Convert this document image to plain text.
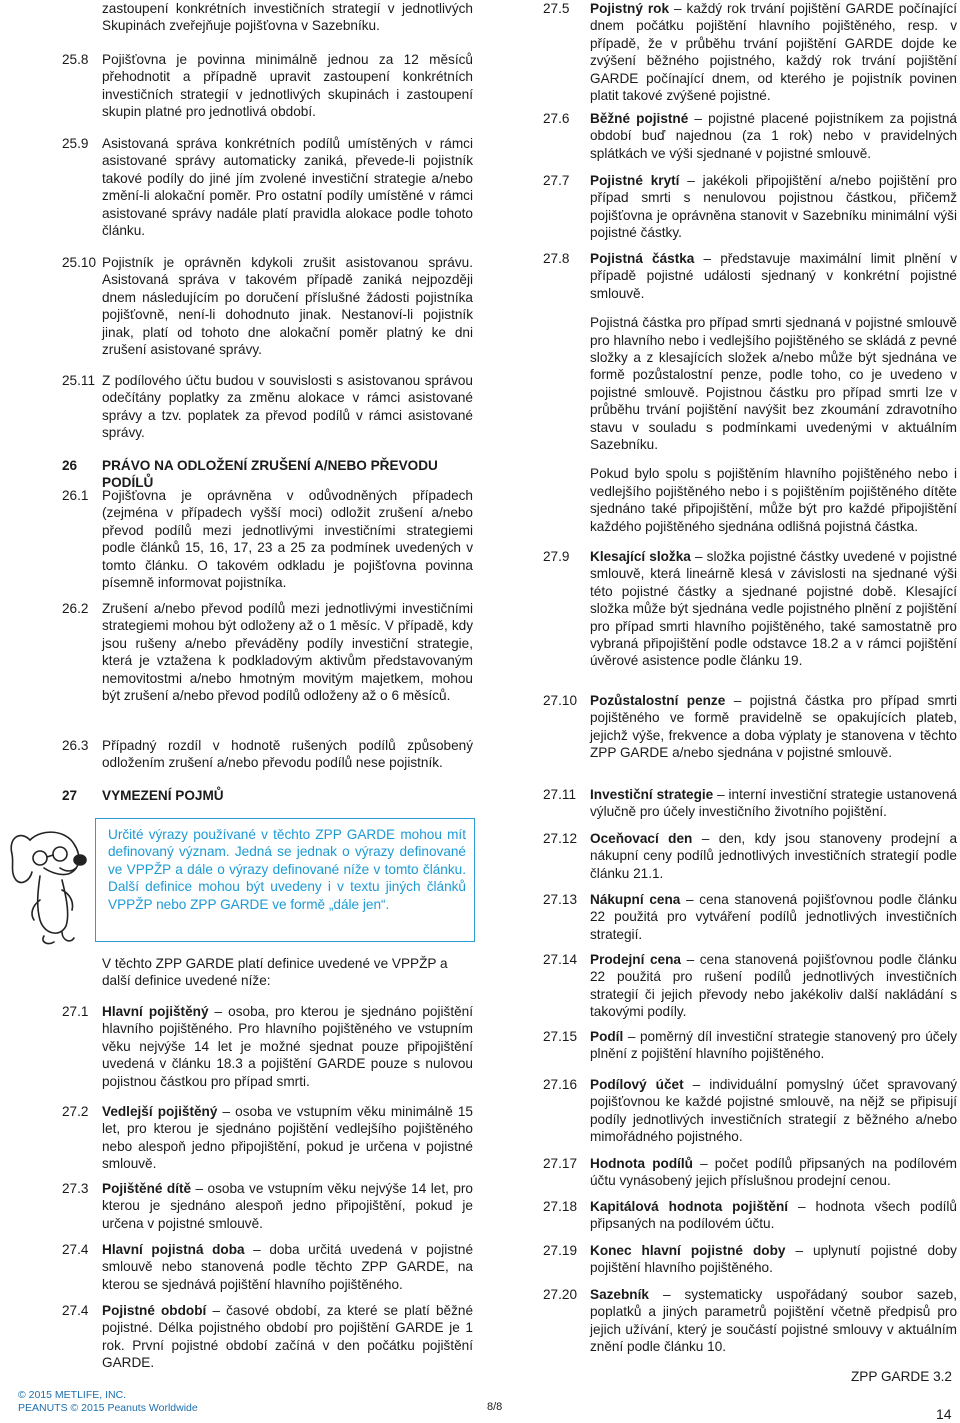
zastoupení konkrétních investičních strategií v jednotlivých Skupinách zveřejňuje pojišťovna v Sazebníku.
25.8 Pojišťovna je povinna minimálně jednou za 12 měsíců přehodnotit a případně upravit zastoupení konkrétních investičních strategií v jednotlivých skupinách i zastoupení skupin platné pro jednotlivá období.
25.9 Asistovaná správa konkrétních podílů umístěných v rámci asistované správy automaticky zaniká, převede-li pojistník takové podíly do jiné jím zvolené investiční strategie a/nebo změní-li alokační poměr. Pro ostatní podíly umístěné v rámci asistované správy nadále platí pravidla alokace podle tohoto článku.
25.10 Pojistník je oprávněn kdykoli zrušit asistovanou správu. Asistovaná správa v takovém případě zaniká nejpozději dnem následujícím po doručení příslušné žádosti pojistníka pojišťovně, není-li dohodnuto jinak. Nestanoví-li pojistník jinak, platí od tohoto dne alokační poměr platný ke dni zrušení asistované správy.
25.11 Z podílového účtu budou v souvislosti s asistovanou správou odečítány poplatky za změnu alokace v rámci asistované správy a tzv. poplatek za převod podílů v rámci asistované správy.
26 PRÁVO NA ODLOŽENÍ ZRUŠENÍ A/NEBO PŘEVODU PODÍLŮ
26.1 Pojišťovna je oprávněna v odůvodněných případech (zejména v případech vyšší moci) odložit zrušení a/nebo převod podílů mezi jednotlivými investičními strategiemi podle článků 15, 16, 17, 23 a 25 za podmínek uvedených v tomto článku. O takovém odkladu je pojišťovna povinna písemně informovat pojistníka.
26.2 Zrušení a/nebo převod podílů mezi jednotlivými investičními strategiemi mohou být odloženy až o 1 měsíc. V případě, kdy jsou rušeny a/nebo převáděny podíly investiční strategie, která je vztažena k podkladovým aktivům představovaným nemovitostmi a/nebo hmotným movitým majetkem, mohou být zrušení a/nebo převod podílů odloženy až o 6 měsíců.
26.3 Případný rozdíl v hodnotě rušených podílů způsobený odložením zrušení a/nebo převodu podílů nese pojistník.
27 VYMEZENÍ POJMŮ
27.1 Hlavní pojištěný – osoba, pro kterou je sjednáno pojištění hlavního pojištěného. Pro hlavního pojištěného ve vstupním věku nejvýše 14 let je možné sjednat pouze připojištění uvedená v článku 18.3 a pojištění GARDE pouze s nulovou pojistnou částkou pro případ smrti.
27.2 Vedlejší pojištěný – osoba ve vstupním věku minimálně 15 let, pro kterou je sjednáno pojištění vedlejšího pojištěného nebo alespoň jedno připojištění, pokud je určena v pojistné smlouvě.
27.3 Pojištěné dítě – osoba ve vstupním věku nejvýše 14 let, pro kterou je sjednáno alespoň jedno připojištění, pokud je určena v pojistné smlouvě.
27.4 Hlavní pojistná doba – doba určitá uvedená v pojistné smlouvě nebo stanovená podle těchto ZPP GARDE, na kterou se sjednává pojištění hlavního pojištěného.
27.4 Pojistné období – časové období, za které se platí běžné pojistné. Délka pojistného období pro pojištění GARDE je 1 rok. První pojistné období začíná v den počátku pojištění GARDE.
Určité výrazy používané v těchto ZPP GARDE mohou mít definovaný význam. Jedná se jednak o výrazy definované ve VPPŽP a dále o výrazy definované níže v tomto článku. Další definice mohou být uvedeny i v textu jiných článků VPPŽP nebo ZPP GARDE ve formě „dále jen“.
V těchto ZPP GARDE platí definice uvedené ve VPPŽP a další definice uvedené níže:
27.5 Pojistný rok – každý rok trvání pojištění GARDE počínající dnem počátku pojištění hlavního pojištěného, resp. v případě, že v průběhu trvání pojištění GARDE dojde ke zvýšení běžného pojistného, každý rok trvání pojištění GARDE počínající dnem, od kterého je pojistník povinen platit takové zvýšené pojistné.
27.6 Běžné pojistné – pojistné placené pojistníkem za pojistná období buď najednou (za 1 rok) nebo v pravidelných splátkách ve výši sjednané v pojistné smlouvě.
27.7 Pojistné krytí – jakékoli připojištění a/nebo pojištění pro případ smrti s nenulovou pojistnou částkou, přičemž pojišťovna je oprávněna stanovit v Sazebníku minimální výši pojistné částky.
27.8 Pojistná částka – představuje maximální limit plnění v případě pojistné události sjednaný v konkrétní pojistné smlouvě.
Pojistná částka pro případ smrti sjednaná v pojistné smlouvě pro hlavního nebo i vedlejšího pojištěného se skládá z pevné složky a z klesajících složek a/nebo může být sjednána ve formě pozůstalostní penze, podle toho, co je uvedeno v pojistné smlouvě. Pojistnou částku pro případ smrti lze v průběhu trvání pojištění navýšit bez zkoumání zdravotního stavu v souladu s podmínkami uvedenými v aktuálním Sazebníku.
Pokud bylo spolu s pojištěním hlavního pojištěného nebo i vedlejšího pojištěného nebo i s pojištěním pojištěného dítěte sjednáno také připojištění, může být pro každé připojištění každého pojištěného sjednána odlišná pojistná částka.
27.9 Klesající složka – složka pojistné částky uvedené v pojistné smlouvě, která lineárně klesá v závislosti na sjednané výši této pojistné částky a sjednané pojistné době. Klesající složka může být sjednána vedle pojistného plnění z pojištění pro případ smrti hlavního pojištěného, také samostatně pro vybraná připojištění podle odstavce 18.2 a v rámci pojištění úvěrové asistence podle článku 19.
27.10 Pozůstalostní penze – pojistná částka pro případ smrti pojištěného ve formě pravidelně se opakujících plateb, jejichž výše, frekvence a doba výplaty je stanovena v těchto ZPP GARDE a/nebo sjednána v pojistné smlouvě.
27.11 Investiční strategie – interní investiční strategie ustanovená výlučně pro účely investičního životního pojištění.
27.12 Oceňovací den – den, kdy jsou stanoveny prodejní a nákupní ceny podílů jednotlivých investičních strategií podle článku 21.1.
27.13 Nákupní cena – cena stanovená pojišťovnou podle článku 22 použitá pro vytváření podílů jednotlivých investičních strategií.
27.14 Prodejní cena – cena stanovená pojišťovnou podle článku 22 použitá pro rušení podílů jednotlivých investičních strategií či jejich převody nebo jakékoliv další nakládání s takovými podíly.
27.15 Podíl – poměrný díl investiční strategie stanovený pro účely plnění z pojištění hlavního pojištěného.
27.16 Podílový účet – individuální pomyslný účet spravovaný pojišťovnou ke každé pojistné smlouvě, na nějž se připisují podíly jednotlivých investičních strategií z běžného a/nebo mimořádného pojistného.
27.17 Hodnota podílů – počet podílů připsaných na podílovém účtu vynásobený jejich příslušnou prodejní cenou.
27.18 Kapitálová hodnota pojištění – hodnota všech podílů připsaných na podílovém účtu.
27.19 Konec hlavní pojistné doby – uplynutí pojistné doby pojištění hlavního pojištěného.
27.20 Sazebník – systematicky uspořádaný soubor sazeb, poplatků a jiných parametrů pojištění včetně předpisů pro jejich užívání, který je součástí pojistné smlouvy v aktuálním znění podle článku 10.
© 2015 METLIFE, INC.
PEANUTS © 2015 Peanuts Worldwide	8/8
ZPP GARDE 3.2
14
